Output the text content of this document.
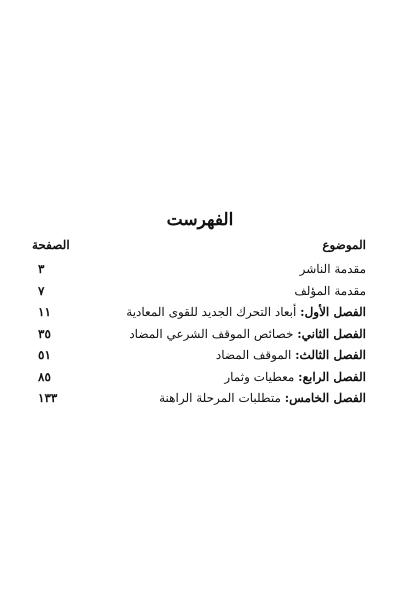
الفهرست
الموضوع
الصفحة
مقدمة الناشر
٣
مقدمة المؤلف
٧
الفصل الأول: أبعاد التحرك الجديد للقوى المعادية
١١
الفصل الثاني: خصائص الموقف الشرعي المضاد
٣٥
الفصل الثالث: الموقف المضاد
٥١
الفصل الرابع: معطيات وثمار
٨٥
الفصل الخامس: متطلبات المرحلة الراهنة
١٣٣
